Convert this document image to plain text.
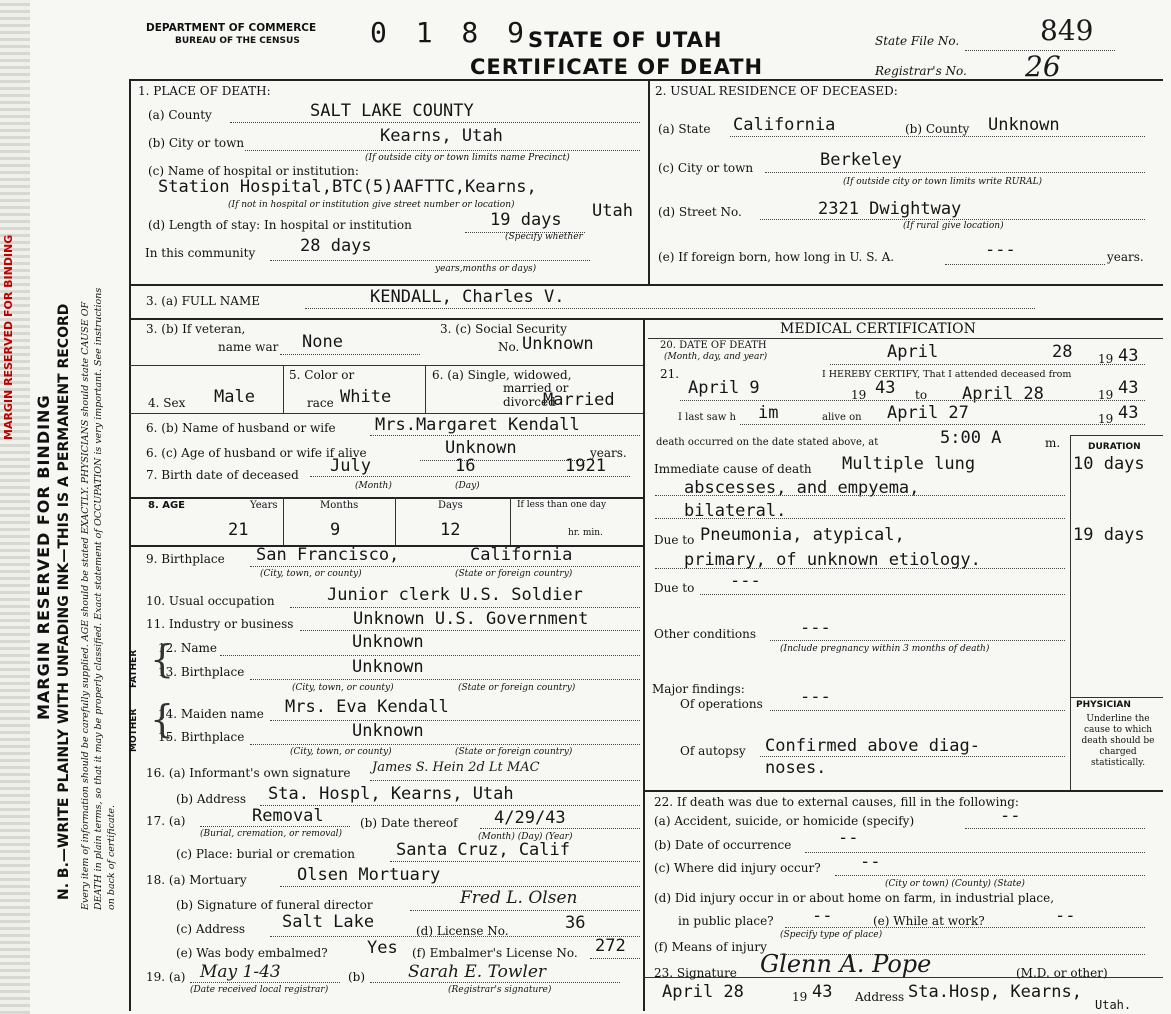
MARGIN RESERVED FOR BINDING
MARGIN RESERVED FOR BINDING N. B.—WRITE PLAINLY WITH UNFADING INK—THIS IS A PERMANENT RECORD Every item of information should be carefully supplied. AGE should be stated EXACTLY. PHYSICIANS should state CAUSE OF DEATH in plain terms, so that it may be properly classified. Exact statement of OCCUPATION is very important. See instructions on back of certificate.
DEPARTMENT OF COMMERCE
BUREAU OF THE CENSUS	0 1 8 9
STATE OF UTAH
CERTIFICATE OF DEATH
State File No.	849
Registrar's No. 26
1. PLACE OF DEATH:
(a) County	SALT LAKE COUNTY
(b) City or town	Kearns, Utah
(If outside city or town limits name Precinct)
(c) Name of hospital or institution:
Station Hospital,BTC(5)AAFTTC,Kearns,
(If not in hospital or institution give street number or location)	Utah
(d) Length of stay: In hospital or institution	19 days
(Specify whether
In this community	28 days
years,months or days)
2. USUAL RESIDENCE OF DECEASED:
(a) State California	(b) County Unknown
(c) City or town	Berkeley
(If outside city or town limits write RURAL)
(d) Street No.	2321 Dwightway
(If rural give location)
(e) If foreign born, how long in U. S. A.	---	years.
3. (a) FULL NAME	KENDALL, Charles V.
MEDICAL CERTIFICATION
3. (b) If veteran,
name war None
3. (c) Social Security
No. Unknown
4. Sex Male
5. Color or
race White
6. (a) Single, widowed,
married or
divorced
Married
6. (b) Name of husband or wife Mrs.Margaret Kendall
6. (c) Age of husband or wife if alive	Unknown	years.
7. Birth date of deceased July	16	1921
(Month)	(Day)
8. AGE	Years	Months	Days	If less than one day
21	9	12	hr. min.
9. Birthplace San Francisco,	California
(City, town, or county)	(State or foreign country)
10. Usual occupation	Junior clerk U.S. Soldier
11. Industry or business	Unknown U.S. Government
FATHER
MOTHER
12. Name	Unknown
13. Birthplace	Unknown
(City, town, or county)	(State or foreign country)
14. Maiden name Mrs. Eva Kendall
15. Birthplace	Unknown
(City, town, or county)	(State or foreign country)
{
{
16. (a) Informant's own signature James S. Hein 2d Lt MAC
(b) Address Sta. Hospl, Kearns, Utah
17. (a)	Removal
(Burial, cremation, or removal)
(b) Date thereof 4/29/43
(Month) (Day) (Year)
(c) Place: burial or cremation Santa Cruz, Calif
18. (a) Mortuary	Olsen Mortuary
(b) Signature of funeral director	Fred L. Olsen
(c) Address Salt Lake	(d) License No.	36
(e) Was body embalmed? Yes (f) Embalmer's License No. 272
19. (a) May 1-43
(Date received local registrar)
(b)	Sarah E. Towler
(Registrar's signature)
20. DATE OF DEATH
(Month, day, and year)	April	28 19 43
21.	I HEREBY CERTIFY, That I attended deceased from
April 9	19 43 to April 28	19 43
I last saw h im	alive on April 27	19 43
death occurred on the date stated above, at	5:00 A	m.	DURATION
Immediate cause of death Multiple lung	10 days
abscesses, and empyema,
bilateral.
Due to Pneumonia, atypical,	19 days
primary, of unknown etiology.
Due to ---
Other conditions	---
(Include pregnancy within 3 months of death)
Major findings:
Of operations ---
Of autopsy Confirmed above diag-
noses.
PHYSICIAN
Underline the cause to which death should be charged statistically.
22. If death was due to external causes, fill in the following:
(a) Accident, suicide, or homicide (specify)	--
(b) Date of occurrence	--
(c) Where did injury occur? --
(City or town) (County) (State)
(d) Did injury occur in or about home on farm, in industrial place,
in public place? --
(Specify type of place)
(e) While at work?	--
(f) Means of injury
23. Signature Glenn A. Pope	(M.D. or other)
April 28	19 43 Address Sta.Hosp, Kearns,
Utah.
